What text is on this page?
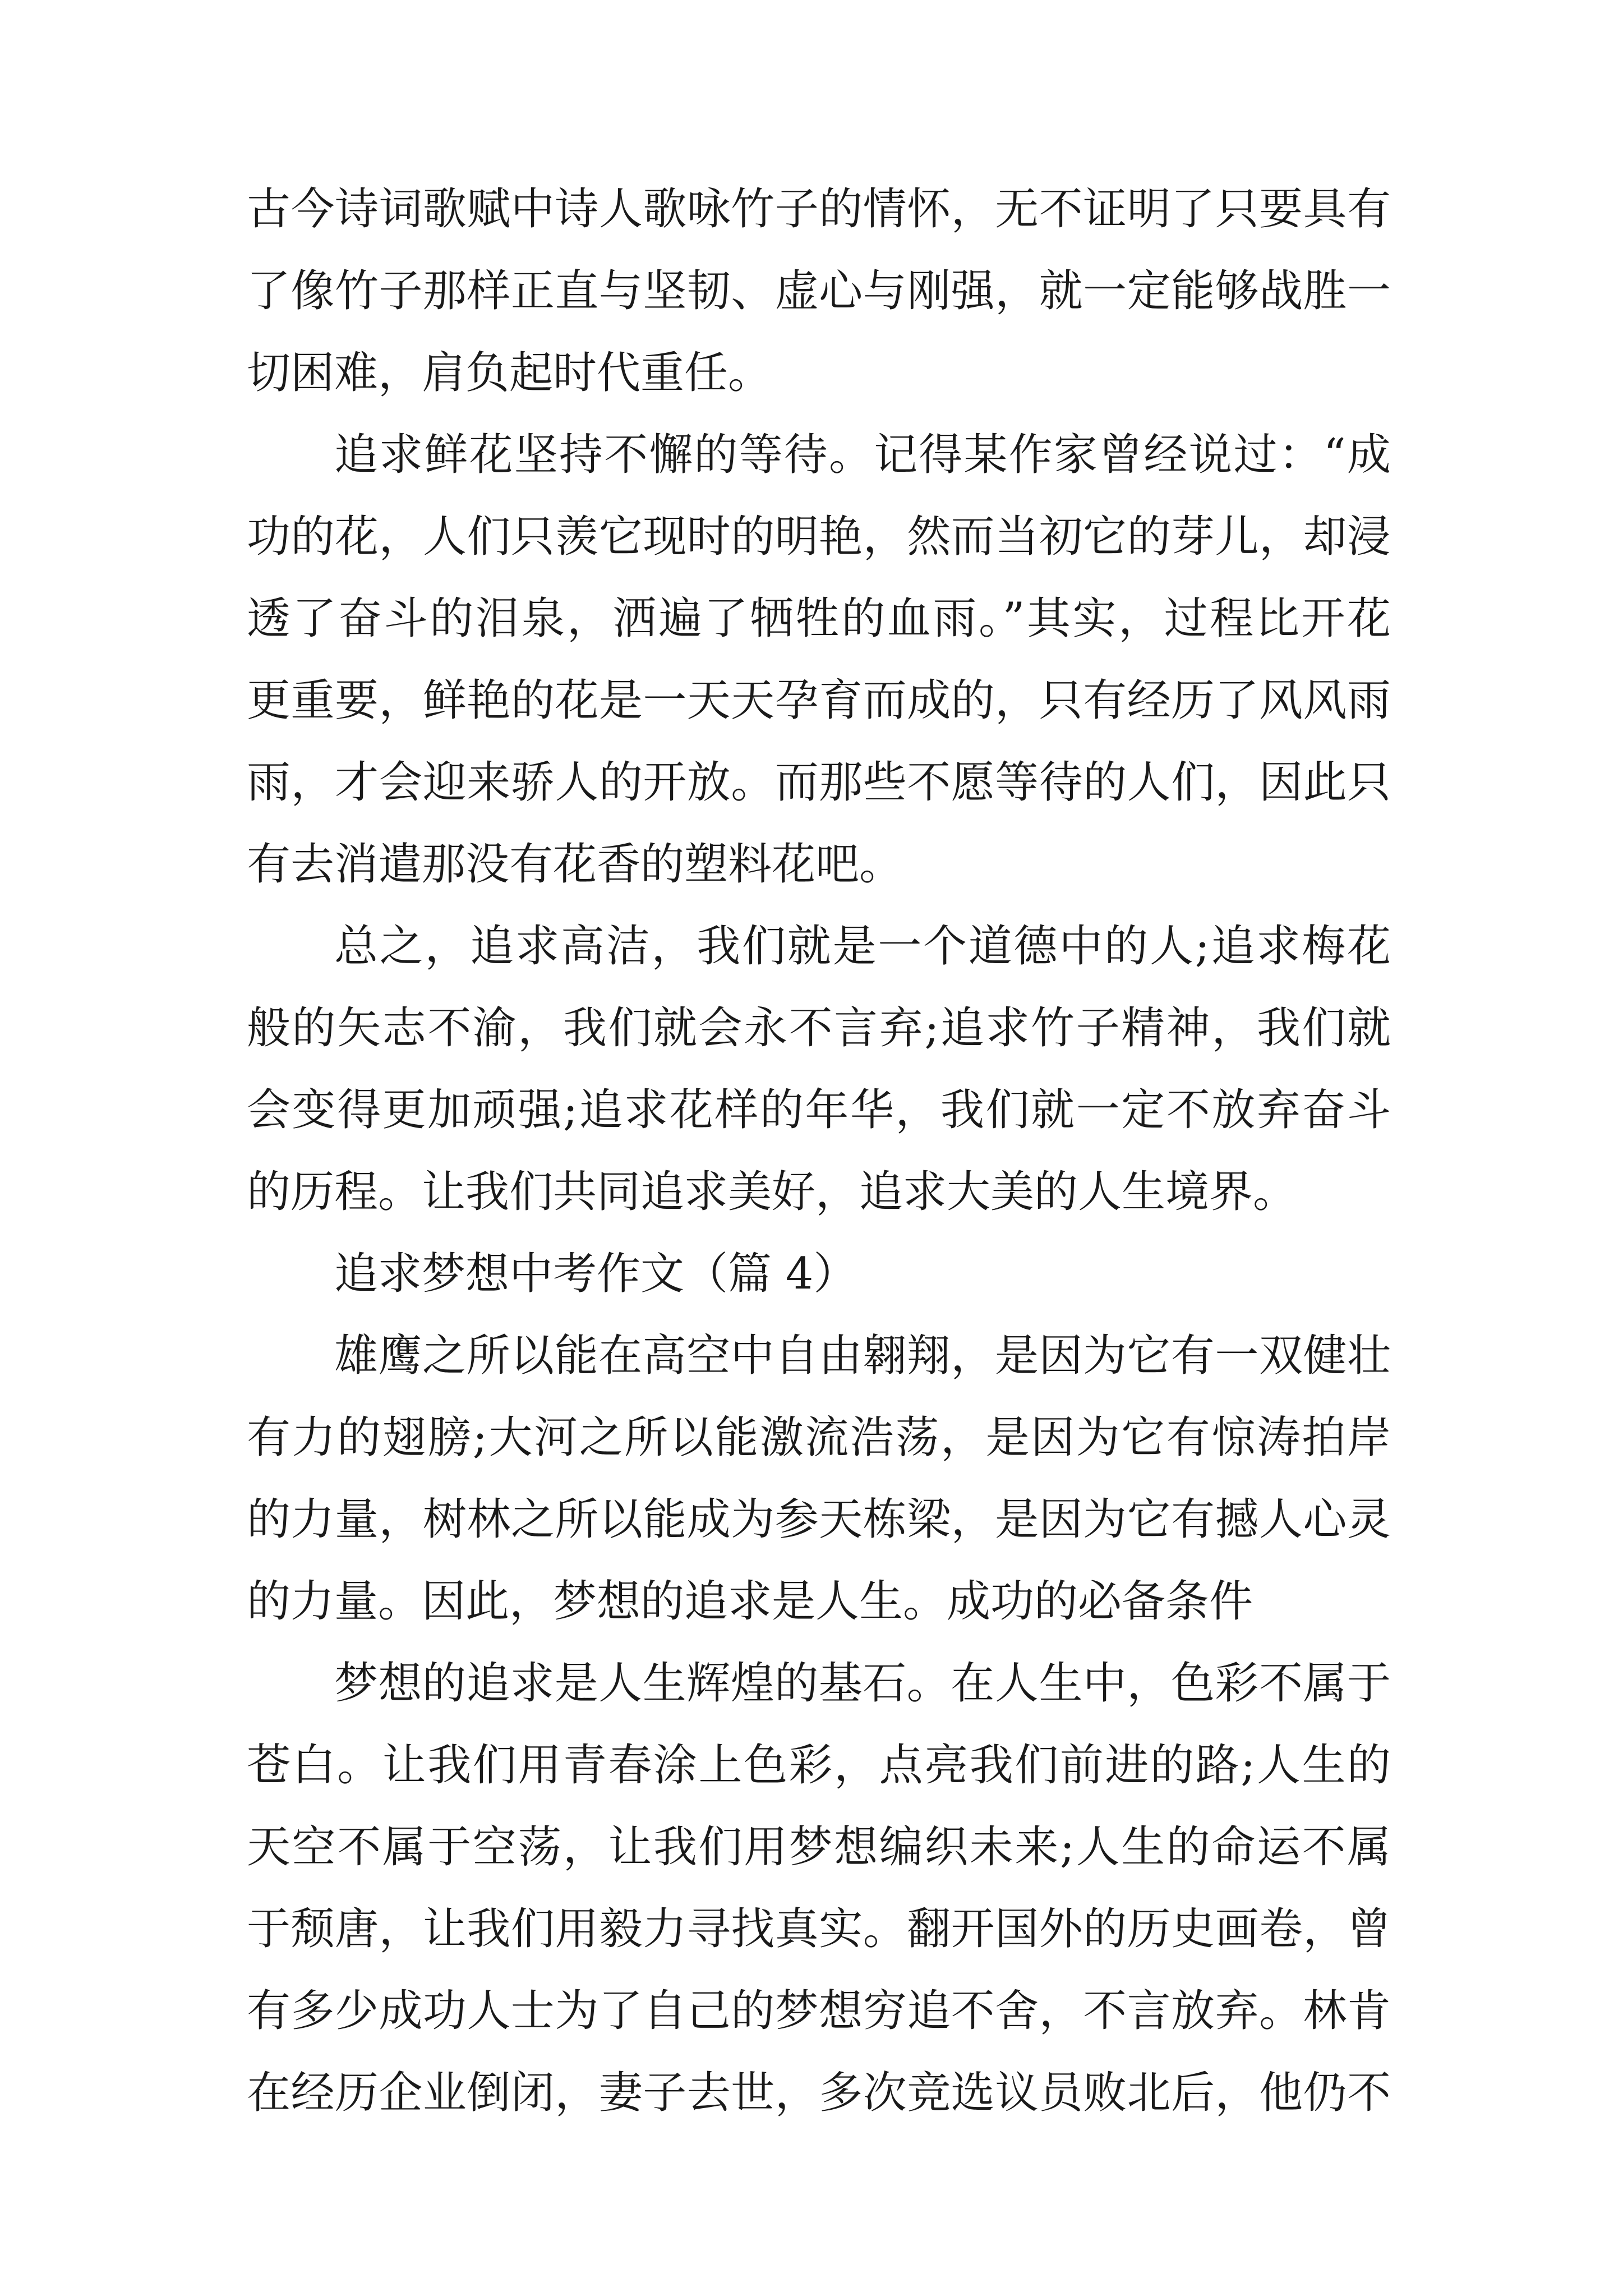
古今诗词歌赋中诗人歌咏竹子的情怀，无不证明了只要具有
了像竹子那样正直与坚韧、虚心与刚强，就一定能够战胜一
切困难，肩负起时代重任。
追求鲜花坚持不懈的等待。记得某作家曾经说过：“成
功的花，人们只羡它现时的明艳，然而当初它的芽儿，却浸
透了奋斗的泪泉，洒遍了牺牲的血雨。”其实，过程比开花
更重要，鲜艳的花是一天天孕育而成的，只有经历了风风雨
雨，才会迎来骄人的开放。而那些不愿等待的人们，因此只
有去消遣那没有花香的塑料花吧。
总之，追求高洁，我们就是一个道德中的人;追求梅花
般的矢志不渝，我们就会永不言弃;追求竹子精神，我们就
会变得更加顽强;追求花样的年华，我们就一定不放弃奋斗
的历程。让我们共同追求美好，追求大美的人生境界。
追求梦想中考作文（篇 4）
雄鹰之所以能在高空中自由翱翔，是因为它有一双健壮
有力的翅膀;大河之所以能激流浩荡，是因为它有惊涛拍岸
的力量，树林之所以能成为参天栋梁，是因为它有撼人心灵
的力量。因此，梦想的追求是人生。成功的必备条件
梦想的追求是人生辉煌的基石。在人生中，色彩不属于
苍白。让我们用青春涂上色彩，点亮我们前进的路;人生的
天空不属于空荡，让我们用梦想编织未来;人生的命运不属
于颓唐，让我们用毅力寻找真实。翻开国外的历史画卷，曾
有多少成功人士为了自己的梦想穷追不舍，不言放弃。林肯
在经历企业倒闭，妻子去世，多次竞选议员败北后，他仍不
